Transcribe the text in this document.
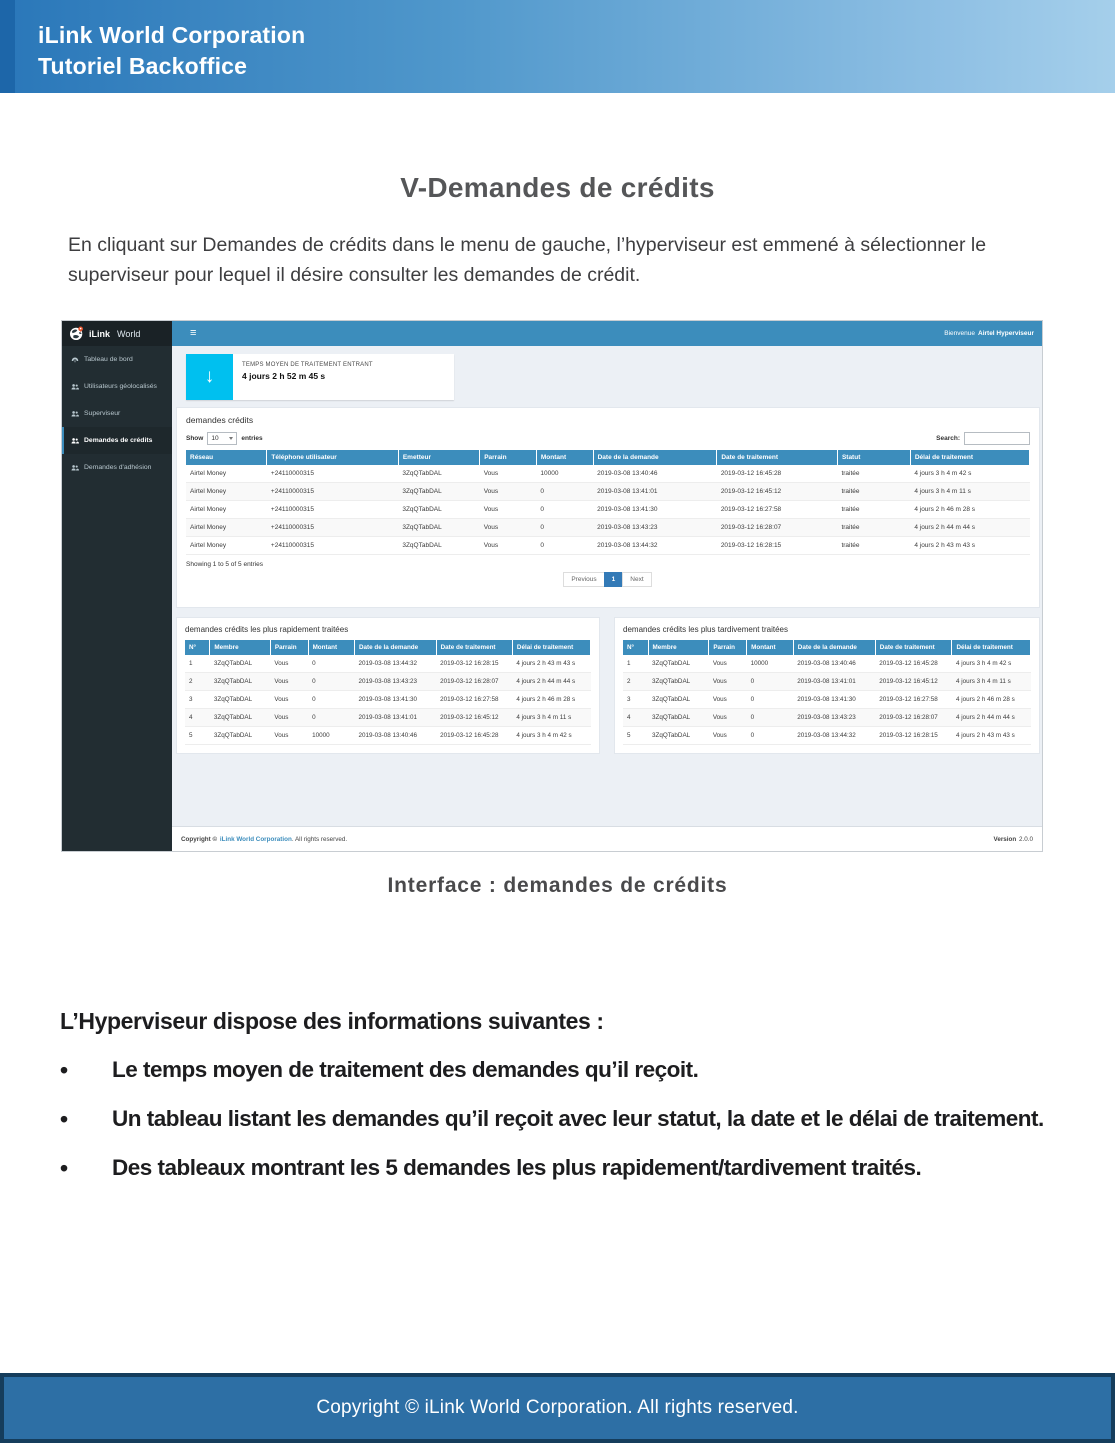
iLink World Corporation
Tutoriel Backoffice
V-Demandes de crédits
En cliquant sur Demandes de crédits dans le menu de gauche, l’hyperviseur est emmené à sélectionner le superviseur pour lequel il désire consulter les demandes de crédit.
iLink World	≡	Bienvenue Airtel Hyperviseur
Tableau de bord
Utilisateurs géolocalisés
Superviseur
Demandes de crédits
Demandes d'adhésion
↓
TEMPS MOYEN DE TRAITEMENT ENTRANT
4 jours 2 h 52 m 45 s
demandes crédits
Show 10	entries	Search:
Réseau	Téléphone utilisateur	Emetteur	Parrain	Montant	Date de la demande	Date de traitement	Statut	Délai de traitement
Airtel Money	+24110000315	3ZqQTabDAL	Vous	10000	2019-03-08 13:40:46	2019-03-12 16:45:28	traitée	4 jours 3 h 4 m 42 s
Airtel Money	+24110000315	3ZqQTabDAL	Vous	0	2019-03-08 13:41:01	2019-03-12 16:45:12	traitée	4 jours 3 h 4 m 11 s
Airtel Money	+24110000315	3ZqQTabDAL	Vous	0	2019-03-08 13:41:30	2019-03-12 16:27:58	traitée	4 jours 2 h 46 m 28 s
Airtel Money	+24110000315	3ZqQTabDAL	Vous	0	2019-03-08 13:43:23	2019-03-12 16:28:07	traitée	4 jours 2 h 44 m 44 s
Airtel Money	+24110000315	3ZqQTabDAL	Vous	0	2019-03-08 13:44:32	2019-03-12 16:28:15	traitée	4 jours 2 h 43 m 43 s
Showing 1 to 5 of 5 entries
Previous 1 Next
demandes crédits les plus rapidement traitées
N°	Membre	Parrain	Montant	Date de la demande	Date de traitement	Délai de traitement
1	3ZqQTabDAL	Vous	0	2019-03-08 13:44:32	2019-03-12 16:28:15	4 jours 2 h 43 m 43 s
2	3ZqQTabDAL	Vous	0	2019-03-08 13:43:23	2019-03-12 16:28:07	4 jours 2 h 44 m 44 s
3	3ZqQTabDAL	Vous	0	2019-03-08 13:41:30	2019-03-12 16:27:58	4 jours 2 h 46 m 28 s
4	3ZqQTabDAL	Vous	0	2019-03-08 13:41:01	2019-03-12 16:45:12	4 jours 3 h 4 m 11 s
5	3ZqQTabDAL	Vous	10000	2019-03-08 13:40:46	2019-03-12 16:45:28	4 jours 3 h 4 m 42 s
demandes crédits les plus tardivement traitées
N°	Membre	Parrain	Montant	Date de la demande	Date de traitement	Délai de traitement
1	3ZqQTabDAL	Vous	10000	2019-03-08 13:40:46	2019-03-12 16:45:28	4 jours 3 h 4 m 42 s
2	3ZqQTabDAL	Vous	0	2019-03-08 13:41:01	2019-03-12 16:45:12	4 jours 3 h 4 m 11 s
3	3ZqQTabDAL	Vous	0	2019-03-08 13:41:30	2019-03-12 16:27:58	4 jours 2 h 46 m 28 s
4	3ZqQTabDAL	Vous	0	2019-03-08 13:43:23	2019-03-12 16:28:07	4 jours 2 h 44 m 44 s
5	3ZqQTabDAL	Vous	0	2019-03-08 13:44:32	2019-03-12 16:28:15	4 jours 2 h 43 m 43 s
Copyright © iLink World Corporation. All rights reserved.	Version 2.0.0
Interface : demandes de crédits
L’Hyperviseur dispose des informations suivantes :
•	Le temps moyen de traitement des demandes qu’il reçoit.
•	Un tableau listant les demandes qu’il reçoit avec leur statut, la date et le délai de traitement.
•	Des tableaux montrant les 5 demandes les plus rapidement/tardivement traités.
Copyright © iLink World Corporation. All rights reserved.
